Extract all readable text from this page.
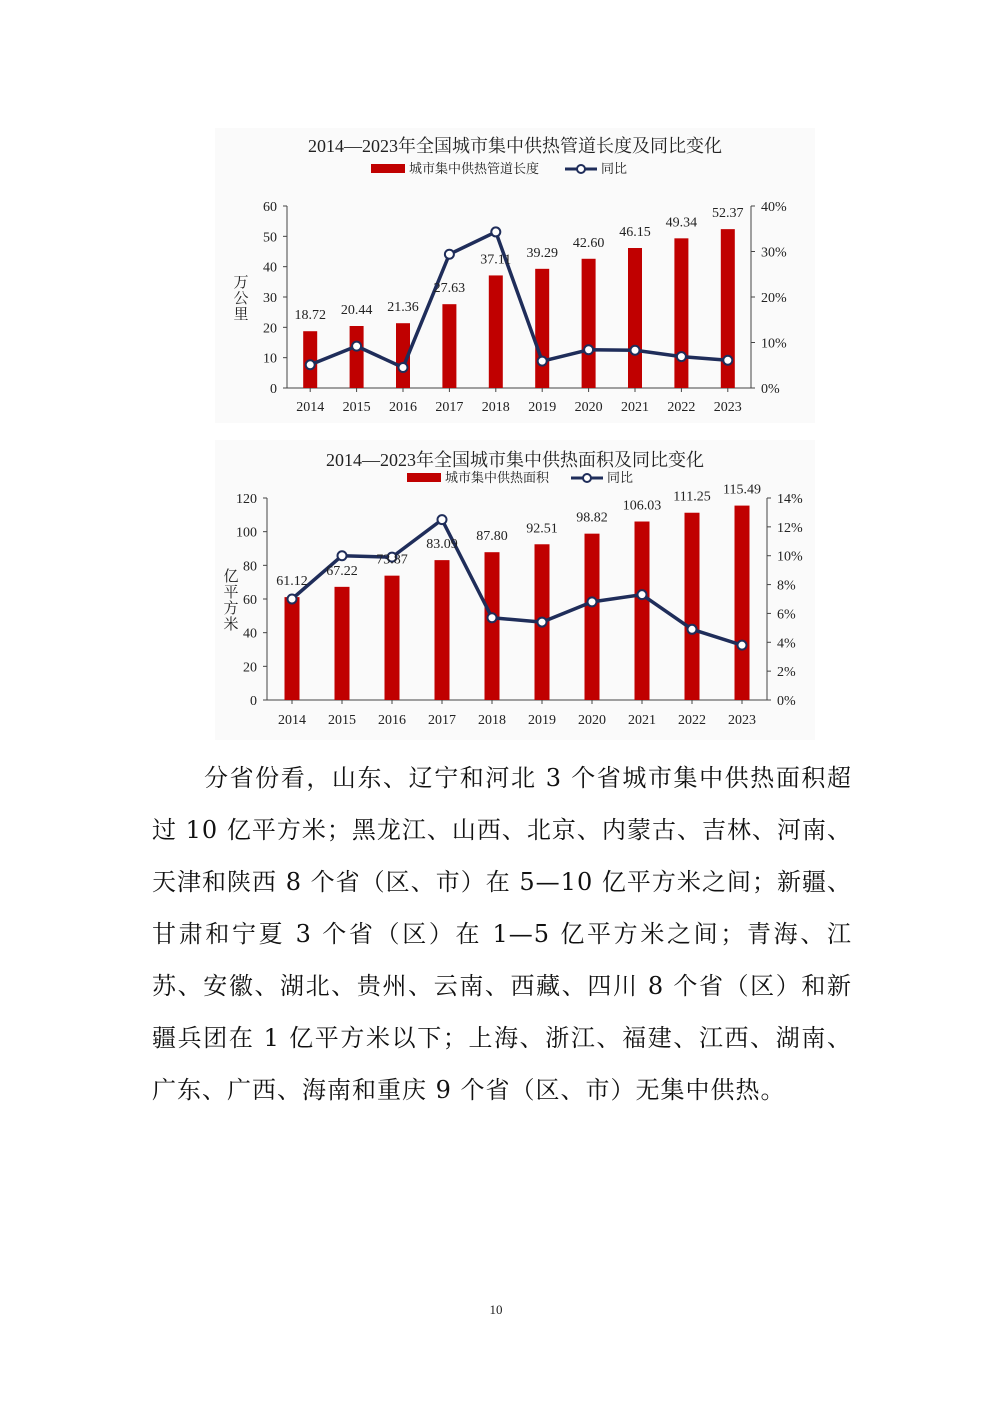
2014—2023年全国城市集中供热管道长度及同比变化
城市集中供热管道长度	同比
0
10
20
30
40
50
60
0%
10%
20%
30%
40%
万
公
里
2014 2015 2016 2017 2018 2019 2020 2021 2022 2023
18.72 20.44 21.36
27.63
37.11 39.29
42.60
46.15
49.34
52.37
2014—2023年全国城市集中供热面积及同比变化
城市集中供热面积	同比
0
20
40
60
80
100
120
0%
2%
4%
6%
8%
10%
12%
14%
亿
平
方
米
2014 2015 2016 2017 2018 2019 2020 2021 2022 2023
61.12
67.22
73.87
83.09
87.80
92.51
98.82
106.03
111.25 115.49

分省份看，山东、辽宁和河北 3 个省城市集中供热面积超过 10 亿平方米；黑龙江、山西、北京、内蒙古、吉林、河南、天津和陕西 8 个省（区、市）在 5—10 亿平方米之间；新疆、甘肃和宁夏 3 个省（区）在 1—5 亿平方米之间；青海、江苏、安徽、湖北、贵州、云南、西藏、四川 8 个省（区）和新疆兵团在 1 亿平方米以下；上海、浙江、福建、江西、湖南、广东、广西、海南和重庆 9 个省（区、市）无集中供热。

10
